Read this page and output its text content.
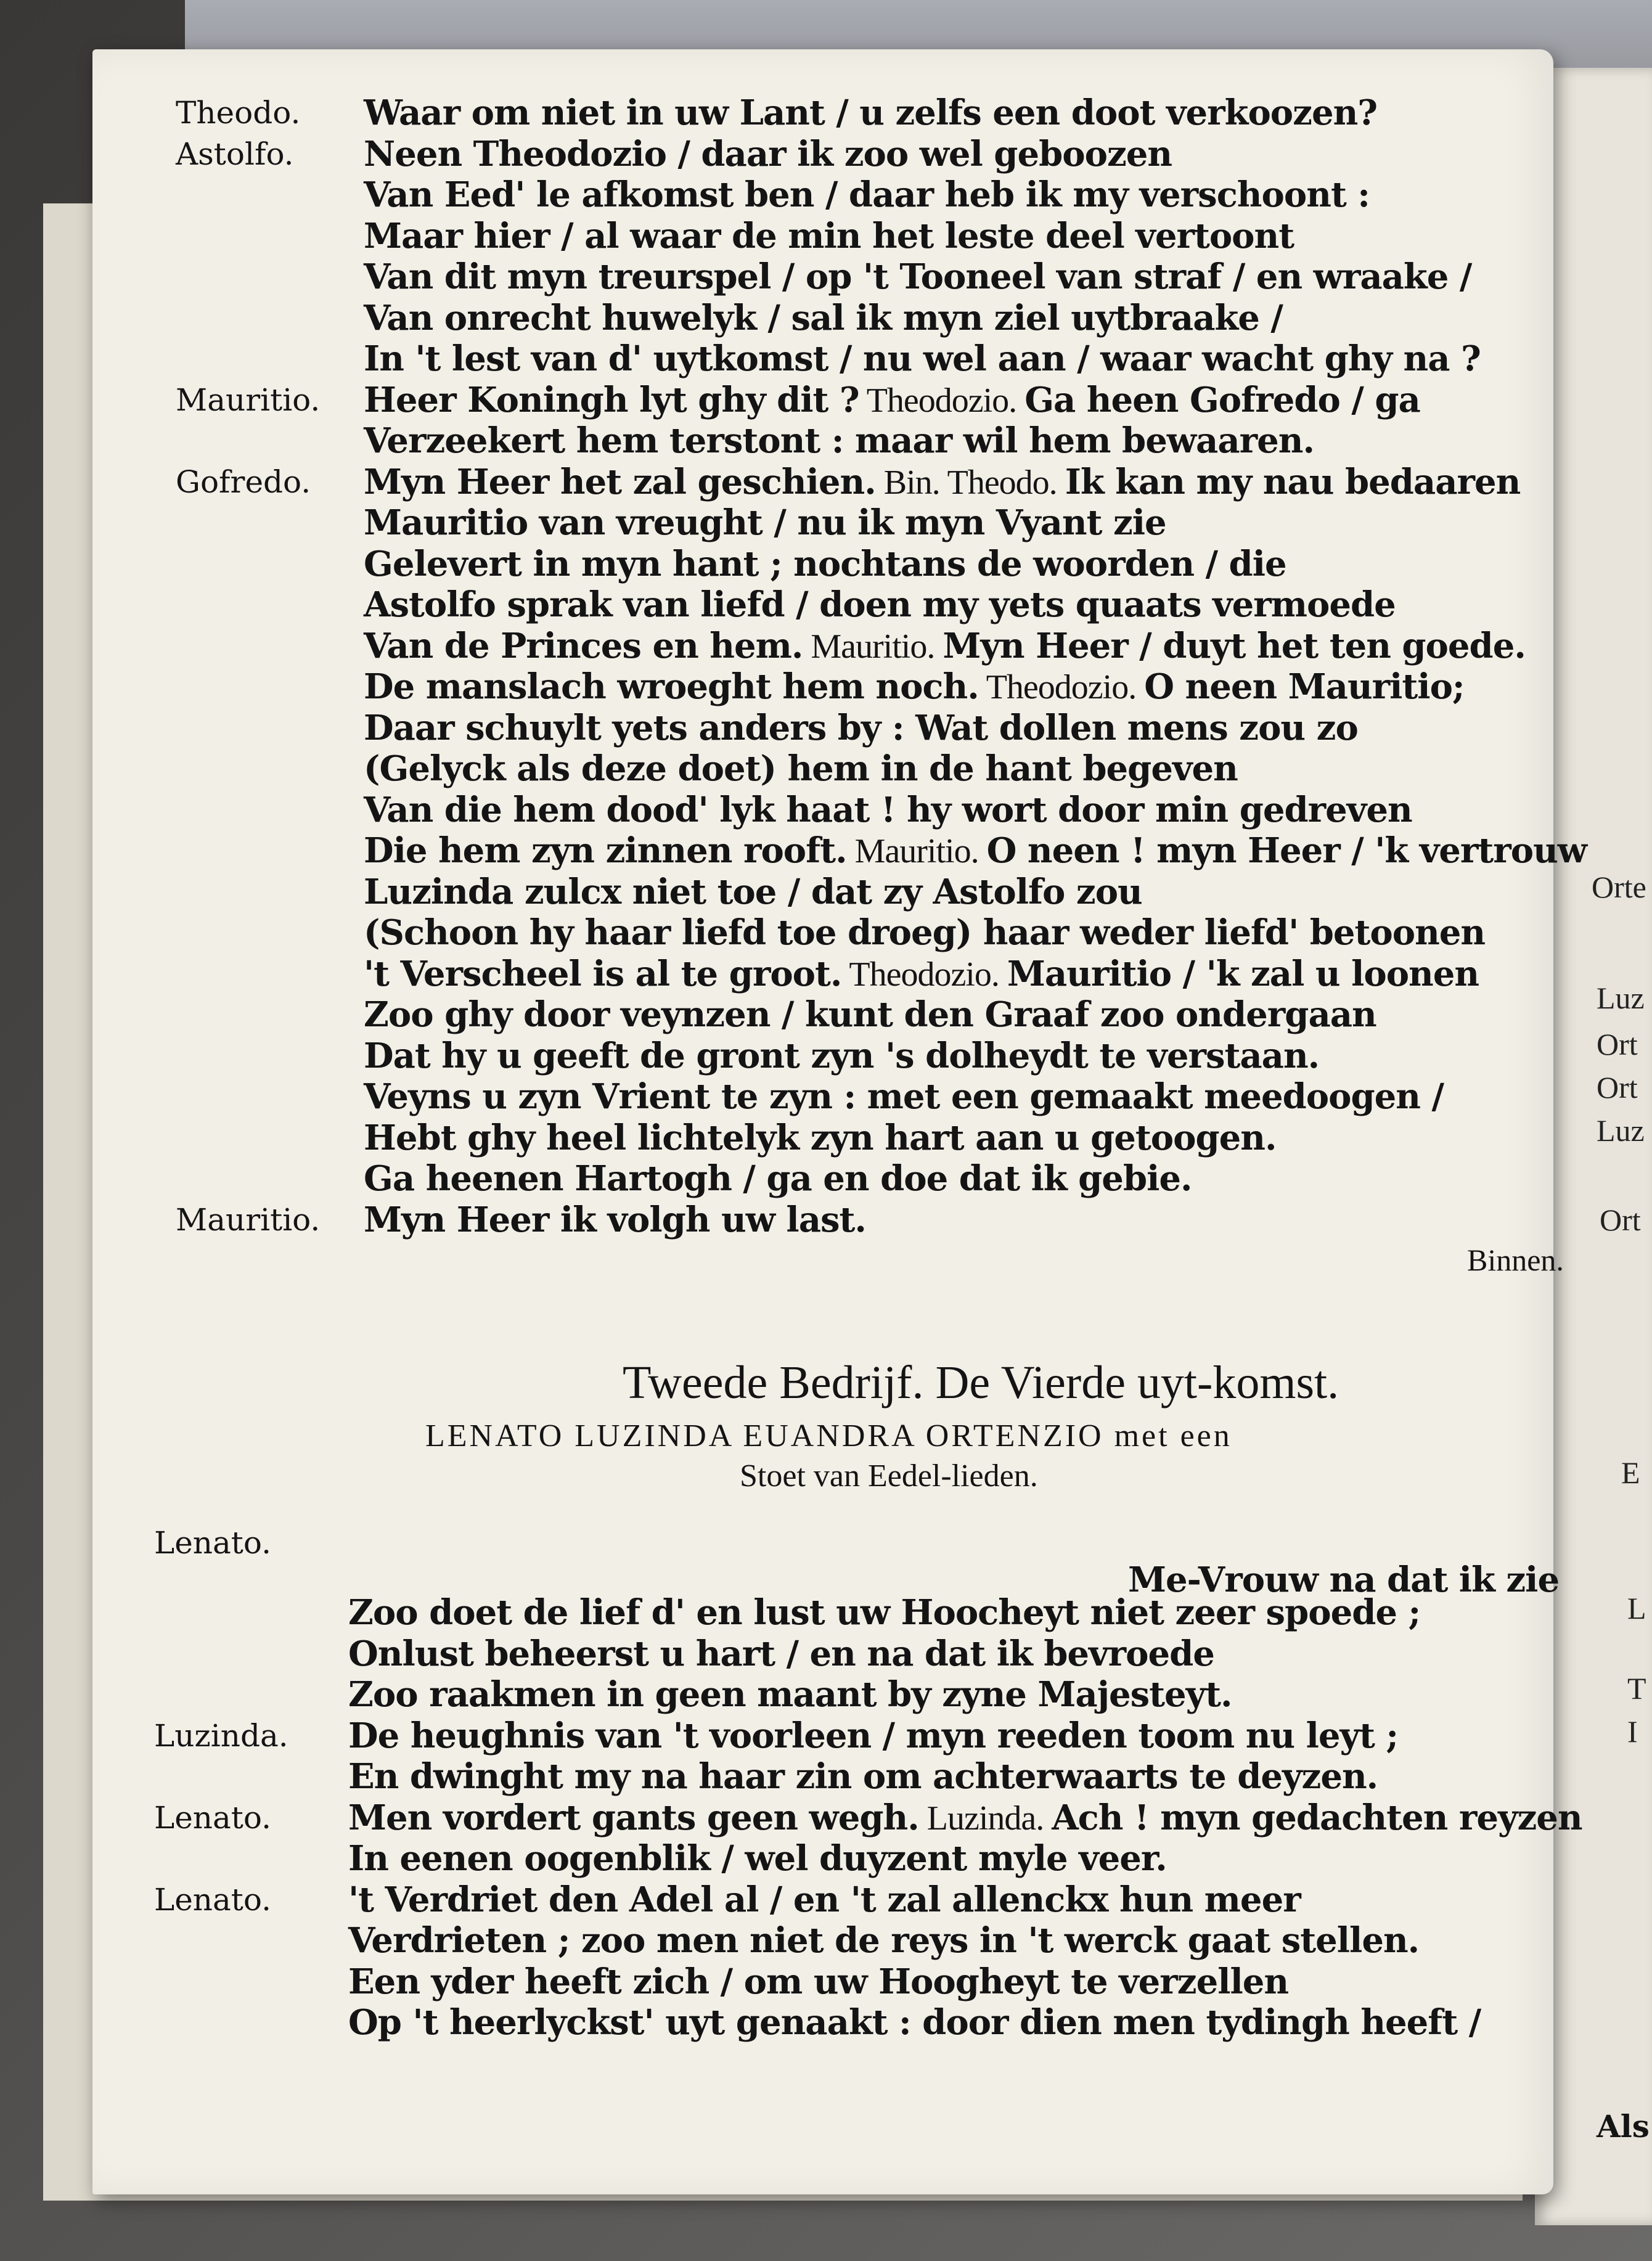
Orte
Luz
Ort
Ort
Luz
Ort
E
L
T
I
Theodo. Waar om niet in uw Lant / u zelfs een doot verkoozen?
Astolfo. Neen Theodozio / daar ik zoo wel geboozen
Van Eed' le afkomst ben / daar heb ik my verschoont :
Maar hier / al waar de min het leste deel vertoont
Van dit myn treurspel / op 't Tooneel van straf / en wraake /
Van onrecht huwelyk / sal ik myn ziel uytbraake /
In 't lest van d' uytkomst / nu wel aan / waar wacht ghy na ?
Mauritio. Heer Koningh lyt ghy dit ? Theodozio. Ga heen Gofredo / ga
Verzeekert hem terstont : maar wil hem bewaaren.
Gofredo. Myn Heer het zal geschien. Bin. Theodo. Ik kan my nau bedaaren
Mauritio van vreught / nu ik myn Vyant zie
Gelevert in myn hant ; nochtans de woorden / die
Astolfo sprak van liefd / doen my yets quaats vermoede
Van de Princes en hem. Mauritio. Myn Heer / duyt het ten goede.
De manslach wroeght hem noch. Theodozio. O neen Mauritio;
Daar schuylt yets anders by : Wat dollen mens zou zo
(Gelyck als deze doet) hem in de hant begeven
Van die hem dood' lyk haat ! hy wort door min gedreven
Die hem zyn zinnen rooft. Mauritio. O neen ! myn Heer / 'k vertrouw
Luzinda zulcx niet toe / dat zy Astolfo zou
(Schoon hy haar liefd toe droeg) haar weder liefd' betoonen
't Verscheel is al te groot. Theodozio. Mauritio / 'k zal u loonen
Zoo ghy door veynzen / kunt den Graaf zoo ondergaan
Dat hy u geeft de gront zyn 's dolheydt te verstaan.
Veyns u zyn Vrient te zyn : met een gemaakt meedoogen /
Hebt ghy heel lichtelyk zyn hart aan u getoogen.
Ga heenen Hartogh / ga en doe dat ik gebie.
Mauritio. Myn Heer ik volgh uw last.
Binnen.
Tweede Bedrijf. De Vierde uyt-komst.
LENATO LUZINDA EUANDRA ORTENZIO met een
Stoet van Eedel-lieden.
Lenato.
Me-Vrouw na dat ik zie
Zoo doet de lief d' en lust uw Hoocheyt niet zeer spoede ;
Onlust beheerst u hart / en na dat ik bevroede
Zoo raakmen in geen maant by zyne Majesteyt.
Luzinda. De heughnis van 't voorleen / myn reeden toom nu leyt ;
En dwinght my na haar zin om achterwaarts te deyzen.
Lenato. Men vordert gants geen wegh. Luzinda. Ach ! myn gedachten reyzen
In eenen oogenblik / wel duyzent myle veer.
Lenato. 't Verdriet den Adel al / en 't zal allenckx hun meer
Verdrieten ; zoo men niet de reys in 't werck gaat stellen.
Een yder heeft zich / om uw Hoogheyt te verzellen
Op 't heerlyckst' uyt genaakt : door dien men tydingh heeft /
Als
